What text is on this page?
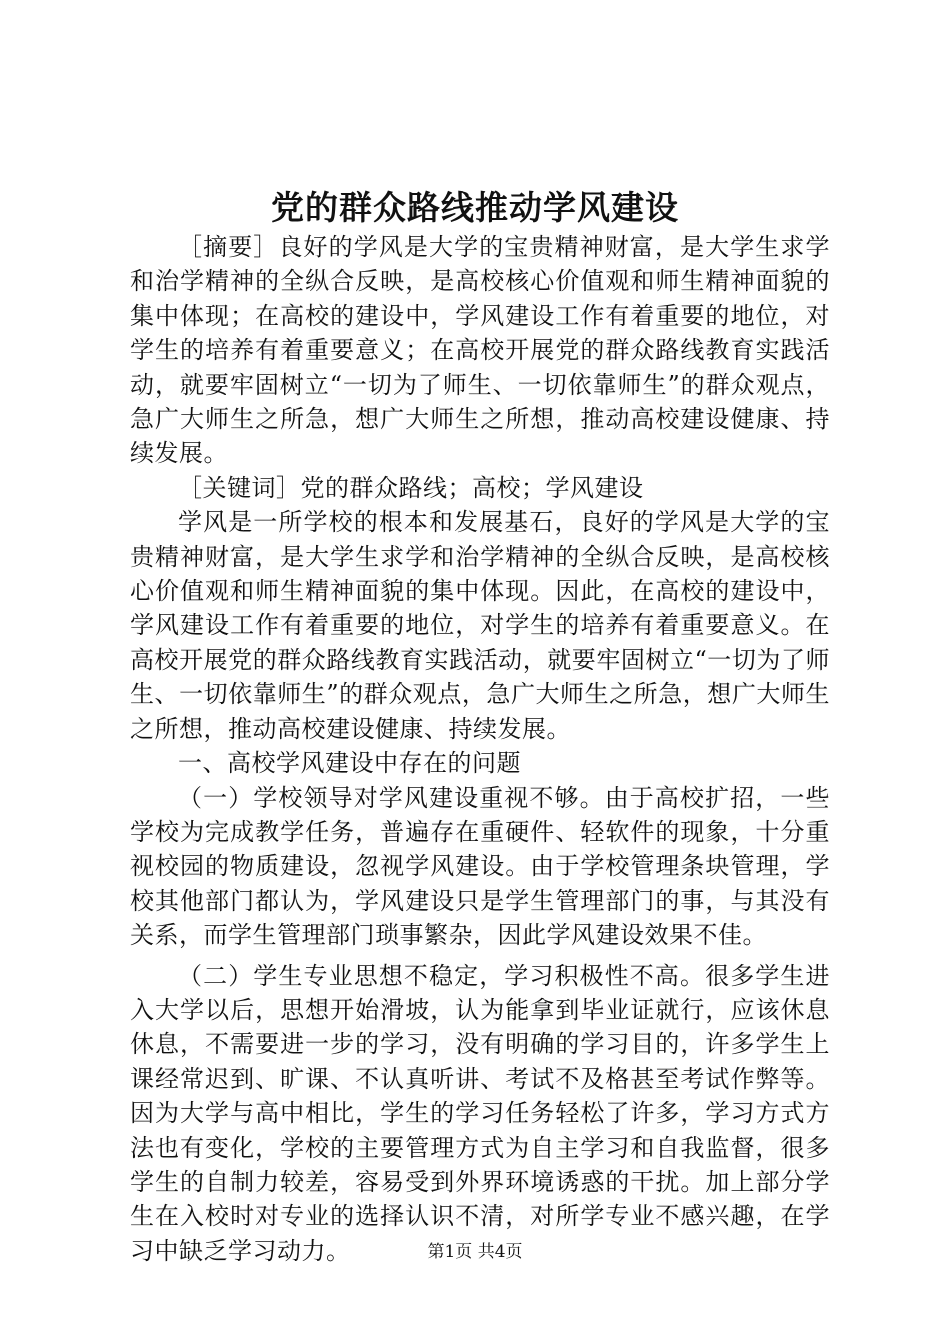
党的群众路线推动学风建设

［摘要］良好的学风是大学的宝贵精神财富，是大学生求学和治学精神的全纵合反映，是高校核心价值观和师生精神面貌的集中体现；在高校的建设中，学风建设工作有着重要的地位，对学生的培养有着重要意义；在高校开展党的群众路线教育实践活动，就要牢固树立“一切为了师生、一切依靠师生”的群众观点，急广大师生之所急，想广大师生之所想，推动高校建设健康、持续发展。

［关键词］党的群众路线；高校；学风建设

学风是一所学校的根本和发展基石，良好的学风是大学的宝贵精神财富，是大学生求学和治学精神的全纵合反映，是高校核心价值观和师生精神面貌的集中体现。因此，在高校的建设中，学风建设工作有着重要的地位，对学生的培养有着重要意义。在高校开展党的群众路线教育实践活动，就要牢固树立“一切为了师生、一切依靠师生”的群众观点，急广大师生之所急，想广大师生之所想，推动高校建设健康、持续发展。

一、高校学风建设中存在的问题

（一）学校领导对学风建设重视不够。由于高校扩招，一些学校为完成教学任务，普遍存在重硬件、轻软件的现象，十分重视校园的物质建设，忽视学风建设。由于学校管理条块管理，学校其他部门都认为，学风建设只是学生管理部门的事，与其没有关系，而学生管理部门琐事繁杂，因此学风建设效果不佳。

（二）学生专业思想不稳定，学习积极性不高。很多学生进入大学以后，思想开始滑坡，认为能拿到毕业证就行，应该休息休息，不需要进一步的学习，没有明确的学习目的，许多学生上课经常迟到、旷课、不认真听讲、考试不及格甚至考试作弊等。因为大学与高中相比，学生的学习任务轻松了许多，学习方式方法也有变化，学校的主要管理方式为自主学习和自我监督，很多学生的自制力较差，容易受到外界环境诱惑的干扰。加上部分学生在入校时对专业的选择认识不清，对所学专业不感兴趣，在学习中缺乏学习动力。	第1页 共4页
